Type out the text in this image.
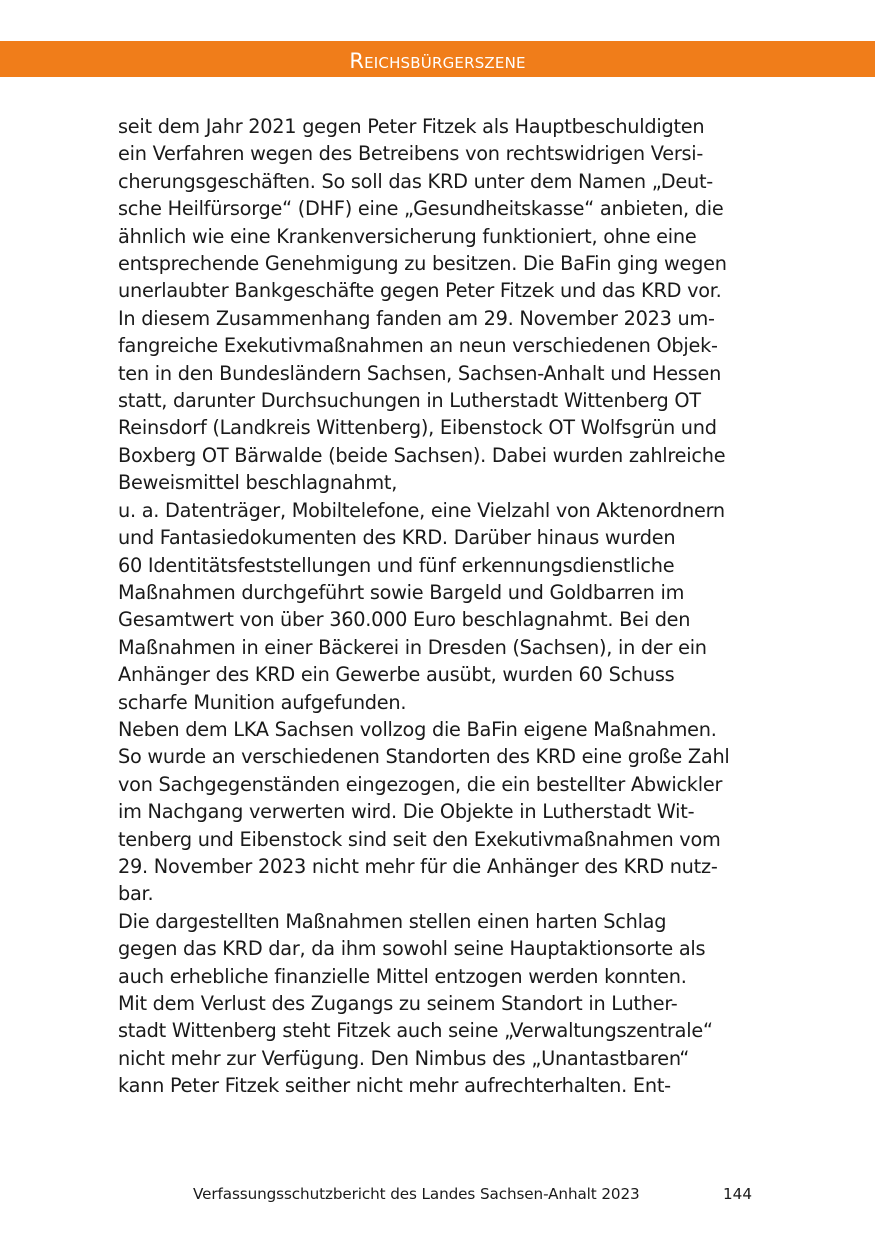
Reichsbürgerszene
seit dem Jahr 2021 gegen Peter Fitzek als Hauptbeschuldigten
ein Verfahren wegen des Betreibens von rechtswidrigen Versi-
cherungsgeschäften. So soll das KRD unter dem Namen „Deut-
sche Heilfürsorge“ (DHF) eine „Gesundheitskasse“ anbieten, die
ähnlich wie eine Krankenversicherung funktioniert, ohne eine
entsprechende Genehmigung zu besitzen. Die BaFin ging wegen
unerlaubter Bankgeschäfte gegen Peter Fitzek und das KRD vor.
In diesem Zusammenhang fanden am 29. November 2023 um-
fangreiche Exekutivmaßnahmen an neun verschiedenen Objek-
ten in den Bundesländern Sachsen, Sachsen-Anhalt und Hessen
statt, darunter Durchsuchungen in Lutherstadt Wittenberg OT
Reinsdorf (Landkreis Wittenberg), Eibenstock OT Wolfsgrün und
Boxberg OT Bärwalde (beide Sachsen). Dabei wurden zahlreiche
Beweismittel beschlagnahmt,
u. a. Datenträger, Mobiltelefone, eine Vielzahl von Aktenordnern
und Fantasiedokumenten des KRD. Darüber hinaus wurden
60 Identitätsfeststellungen und fünf erkennungsdienstliche
Maßnahmen durchgeführt sowie Bargeld und Goldbarren im
Gesamtwert von über 360.000 Euro beschlagnahmt. Bei den
Maßnahmen in einer Bäckerei in Dresden (Sachsen), in der ein
Anhänger des KRD ein Gewerbe ausübt, wurden 60 Schuss
scharfe Munition aufgefunden.
Neben dem LKA Sachsen vollzog die BaFin eigene Maßnahmen.
So wurde an verschiedenen Standorten des KRD eine große Zahl
von Sachgegenständen eingezogen, die ein bestellter Abwickler
im Nachgang verwerten wird. Die Objekte in Lutherstadt Wit-
tenberg und Eibenstock sind seit den Exekutivmaßnahmen vom
29. November 2023 nicht mehr für die Anhänger des KRD nutz-
bar.
Die dargestellten Maßnahmen stellen einen harten Schlag
gegen das KRD dar, da ihm sowohl seine Hauptaktionsorte als
auch erhebliche finanzielle Mittel entzogen werden konnten.
Mit dem Verlust des Zugangs zu seinem Standort in Luther-
stadt Wittenberg steht Fitzek auch seine „Verwaltungszentrale“
nicht mehr zur Verfügung. Den Nimbus des „Unantastbaren“
kann Peter Fitzek seither nicht mehr aufrechterhalten. Ent-
Verfassungsschutzbericht des Landes Sachsen-Anhalt 2023	144
